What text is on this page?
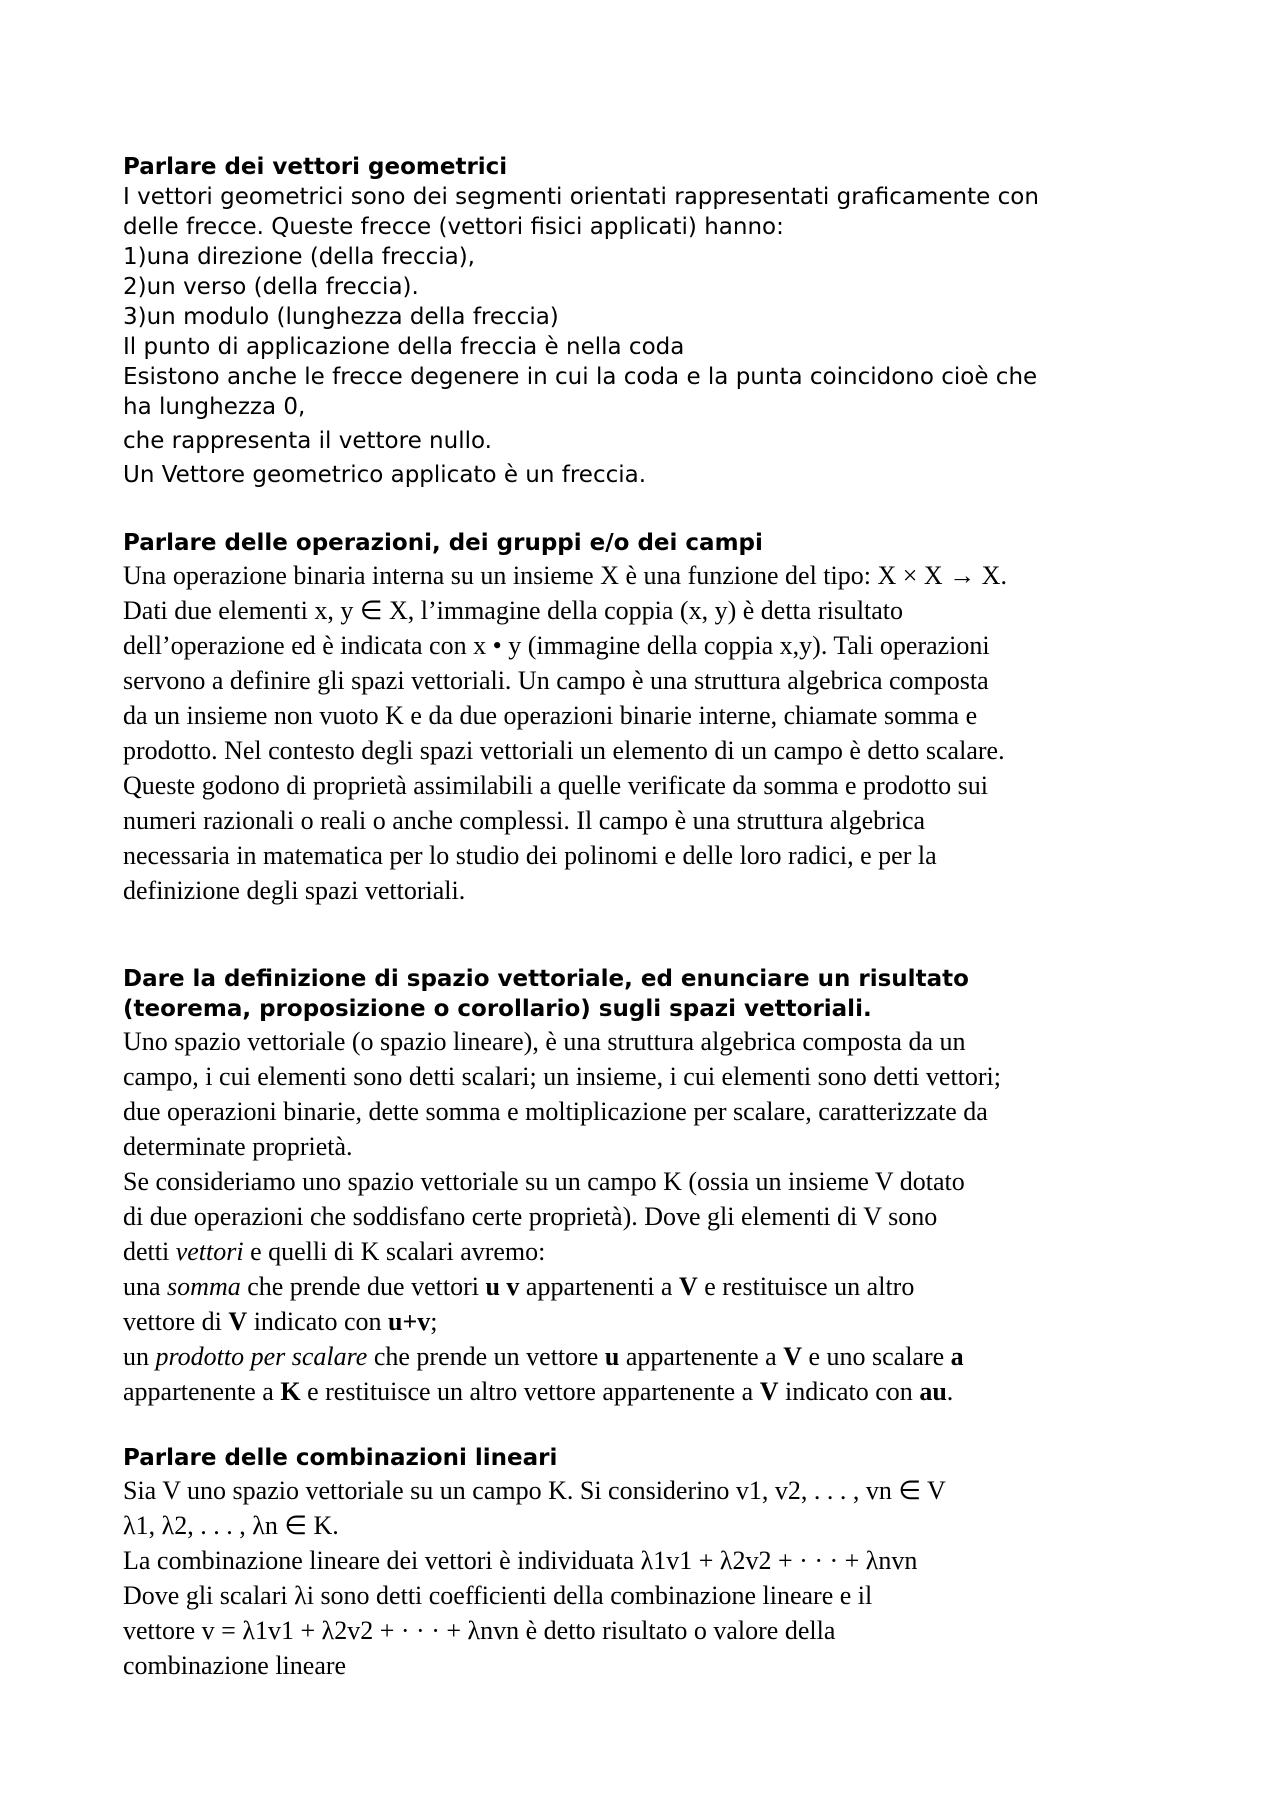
Parlare dei vettori geometrici

I vettori geometrici sono dei segmenti orientati rappresentati graficamente con

delle frecce. Queste frecce (vettori fisici applicati) hanno:

1)una direzione (della freccia),

2)un verso (della freccia).

3)un modulo (lunghezza della freccia)

Il punto di applicazione della freccia è nella coda

Esistono anche le frecce degenere in cui la coda e la punta coincidono cioè che

ha lunghezza 0,

che rappresenta il vettore nullo.

Un Vettore geometrico applicato è un freccia.

Parlare delle operazioni, dei gruppi e/o dei campi

Una operazione binaria interna su un insieme X è una funzione del tipo: X × X → X.

Dati due elementi x, y ∈ X, l’immagine della coppia (x, y) è detta risultato

dell’operazione ed è indicata con x • y (immagine della coppia x,y). Tali operazioni

servono a definire gli spazi vettoriali. Un campo è una struttura algebrica composta

da un insieme non vuoto K e da due operazioni binarie interne, chiamate somma e

prodotto. Nel contesto degli spazi vettoriali un elemento di un campo è detto scalare.

Queste godono di proprietà assimilabili a quelle verificate da somma e prodotto sui

numeri razionali o reali o anche complessi. Il campo è una struttura algebrica

necessaria in matematica per lo studio dei polinomi e delle loro radici, e per la

definizione degli spazi vettoriali.

Dare la definizione di spazio vettoriale, ed enunciare un risultato

(teorema, proposizione o corollario) sugli spazi vettoriali.

Uno spazio vettoriale (o spazio lineare), è una struttura algebrica composta da un

campo, i cui elementi sono detti scalari; un insieme, i cui elementi sono detti vettori;

due operazioni binarie, dette somma e moltiplicazione per scalare, caratterizzate da

determinate proprietà.

Se consideriamo uno spazio vettoriale su un campo K (ossia un insieme V dotato

di due operazioni che soddisfano certe proprietà). Dove gli elementi di V sono

detti vettori e quelli di K scalari avremo:

una somma che prende due vettori u v appartenenti a V e restituisce un altro

vettore di V indicato con u+v;

un prodotto per scalare che prende un vettore u appartenente a V e uno scalare a

appartenente a K e restituisce un altro vettore appartenente a V indicato con au.

Parlare delle combinazioni lineari

Sia V uno spazio vettoriale su un campo K. Si considerino v1, v2, . . . , vn ∈ V

λ1, λ2, . . . , λn ∈ K.

La combinazione lineare dei vettori è individuata λ1v1 + λ2v2 + · · · + λnvn

Dove gli scalari λi sono detti coefficienti della combinazione lineare e il

vettore v = λ1v1 + λ2v2 + · · · + λnvn è detto risultato o valore della

combinazione lineare
